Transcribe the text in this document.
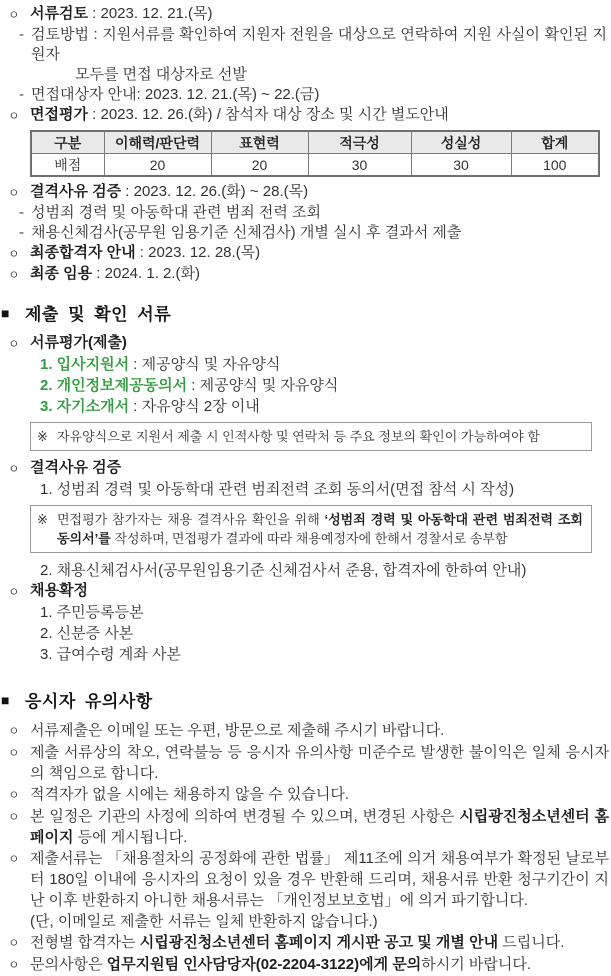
ㅇ 서류검토 : 2023. 12. 21.(목)
- 검토방법 : 지원서류를 확인하여 지원자 전원을 대상으로 연락하여 지원 사실이 확인된 지원자
모두를 면접 대상자로 선발
- 면접대상자 안내: 2023. 12. 21.(목) ~ 22.(금)
ㅇ 면접평가 : 2023. 12. 26.(화) / 참석자 대상 장소 및 시간 별도안내
구분	이해력/판단력	표현력	적극성	성실성	합계
배점	20	20	30	30	100
ㅇ 결격사유 검증 : 2023. 12. 26.(화) ~ 28.(목)
- 성범죄 경력 및 아동학대 관련 범죄 전력 조회
- 채용신체검사(공무원 임용기준 신체검사) 개별 실시 후 결과서 제출
ㅇ 최종합격자 안내 : 2023. 12. 28.(목)
ㅇ 최종 임용 : 2024. 1. 2.(화)
■ 제출 및 확인 서류
ㅇ 서류평가(제출)
1. 입사지원서 : 제공양식 및 자유양식
2. 개인정보제공동의서 : 제공양식 및 자유양식
3. 자기소개서 : 자유양식 2장 이내
※ 자유양식으로 지원서 제출 시 인적사항 및 연락처 등 주요 정보의 확인이 가능하여야 함
ㅇ 결격사유 검증
1. 성범죄 경력 및 아동학대 관련 범죄전력 조회 동의서(면접 참석 시 작성)
※ 면접평가 참가자는 채용 결격사유 확인을 위해 ‘성범죄 경력 및 아동학대 관련 범죄전력 조회 동의서’를 작성하며, 면접평가 결과에 따라 채용예정자에 한해서 경찰서로 송부함
2. 채용신체검사서(공무원임용기준 신체검사서 준용, 합격자에 한하여 안내)
ㅇ 채용확정
1. 주민등록등본
2. 신분증 사본
3. 급여수령 계좌 사본
■ 응시자 유의사항
ㅇ 서류제출은 이메일 또는 우편, 방문으로 제출해 주시기 바랍니다.
ㅇ 제출 서류상의 착오, 연락불능 등 응시자 유의사항 미준수로 발생한 불이익은 일체 응시자의 책임으로 합니다.
ㅇ 적격자가 없을 시에는 채용하지 않을 수 있습니다.
ㅇ 본 일정은 기관의 사정에 의하여 변경될 수 있으며, 변경된 사항은 시립광진청소년센터 홈페이지 등에 게시됩니다.
ㅇ 제출서류는 「채용절차의 공정화에 관한 법률」 제11조에 의거 채용여부가 확정된 날로부터 180일 이내에 응시자의 요청이 있을 경우 반환해 드리며, 채용서류 반환 청구기간이 지난 이후 반환하지 아니한 채용서류는 「개인정보보호법」에 의거 파기합니다.
(단, 이메일로 제출한 서류는 일체 반환하지 않습니다.)
ㅇ 전형별 합격자는 시립광진청소년센터 홈페이지 게시판 공고 및 개별 안내 드립니다.
ㅇ 문의사항은 업무지원팀 인사담당자(02-2204-3122)에게 문의하시기 바랍니다.
